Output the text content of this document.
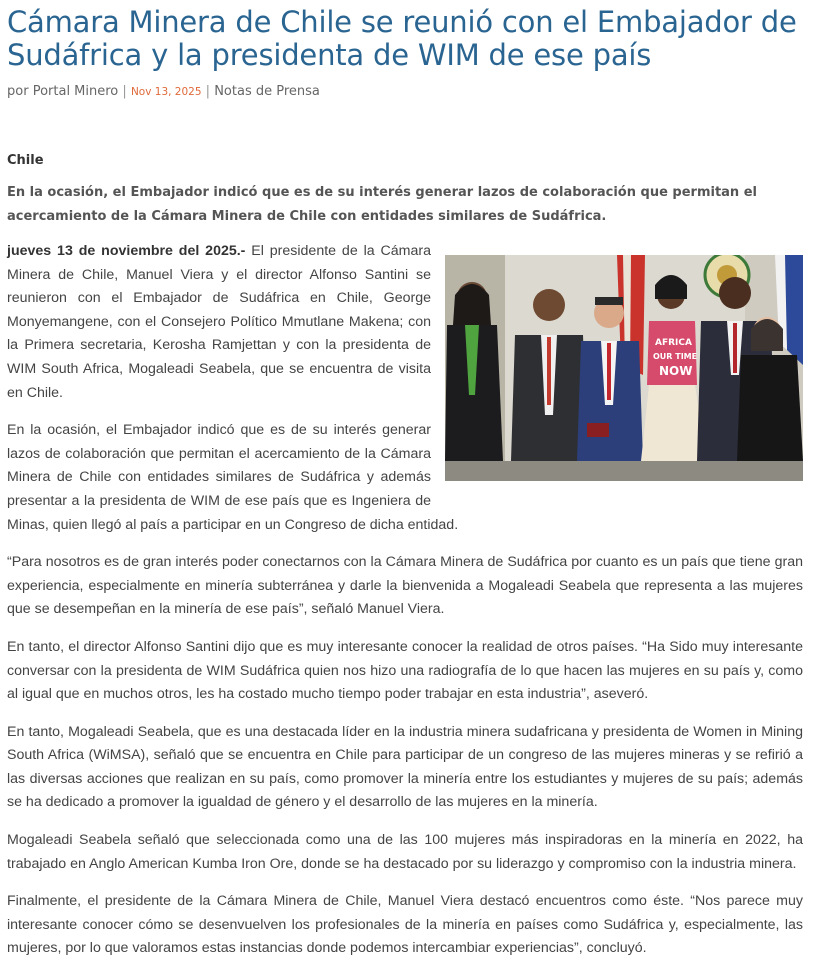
Cámara Minera de Chile se reunió con el Embajador de Sudáfrica y la presidenta de WIM de ese país
por Portal Minero | Nov 13, 2025 | Notas de Prensa
Chile
En la ocasión, el Embajador indicó que es de su interés generar lazos de colaboración que permitan el acercamiento de la Cámara Minera de Chile con entidades similares de Sudáfrica.
AFRICA
OUR TIME
NOW

jueves 13 de noviembre del 2025.- El presidente de la Cámara Minera de Chile, Manuel Viera y el director Alfonso Santini se reunieron con el Embajador de Sudáfrica en Chile, George Monyemangene, con el Consejero Político Mmutlane Makena; con la Primera secretaria, Kerosha Ramjettan y con la presidenta de WIM South Africa, Mogaleadi Seabela, que se encuentra de visita en Chile.

En la ocasión, el Embajador indicó que es de su interés generar lazos de colaboración que permitan el acercamiento de la Cámara Minera de Chile con entidades similares de Sudáfrica y además presentar a la presidenta de WIM de ese país que es Ingeniera de Minas, quien llegó al país a participar en un Congreso de dicha entidad.

“Para nosotros es de gran interés poder conectarnos con la Cámara Minera de Sudáfrica por cuanto es un país que tiene gran experiencia, especialmente en minería subterránea y darle la bienvenida a Mogaleadi Seabela que representa a las mujeres que se desempeñan en la minería de ese país”, señaló Manuel Viera.

En tanto, el director Alfonso Santini dijo que es muy interesante conocer la realidad de otros países. “Ha Sido muy interesante conversar con la presidenta de WIM Sudáfrica quien nos hizo una radiografía de lo que hacen las mujeres en su país y, como al igual que en muchos otros, les ha costado mucho tiempo poder trabajar en esta industria”, aseveró.

En tanto, Mogaleadi Seabela, que es una destacada líder en la industria minera sudafricana y presidenta de Women in Mining South Africa (WiMSA), señaló que se encuentra en Chile para participar de un congreso de las mujeres mineras y se refirió a las diversas acciones que realizan en su país, como promover la minería entre los estudiantes y mujeres de su país; además se ha dedicado a promover la igualdad de género y el desarrollo de las mujeres en la minería.

Mogaleadi Seabela señaló que seleccionada como una de las 100 mujeres más inspiradoras en la minería en 2022, ha trabajado en Anglo American Kumba Iron Ore, donde se ha destacado por su liderazgo y compromiso con la industria minera.

Finalmente, el presidente de la Cámara Minera de Chile, Manuel Viera destacó encuentros como éste. “Nos parece muy interesante conocer cómo se desenvuelven los profesionales de la minería en países como Sudáfrica y, especialmente, las mujeres, por lo que valoramos estas instancias donde podemos intercambiar experiencias”, concluyó.
